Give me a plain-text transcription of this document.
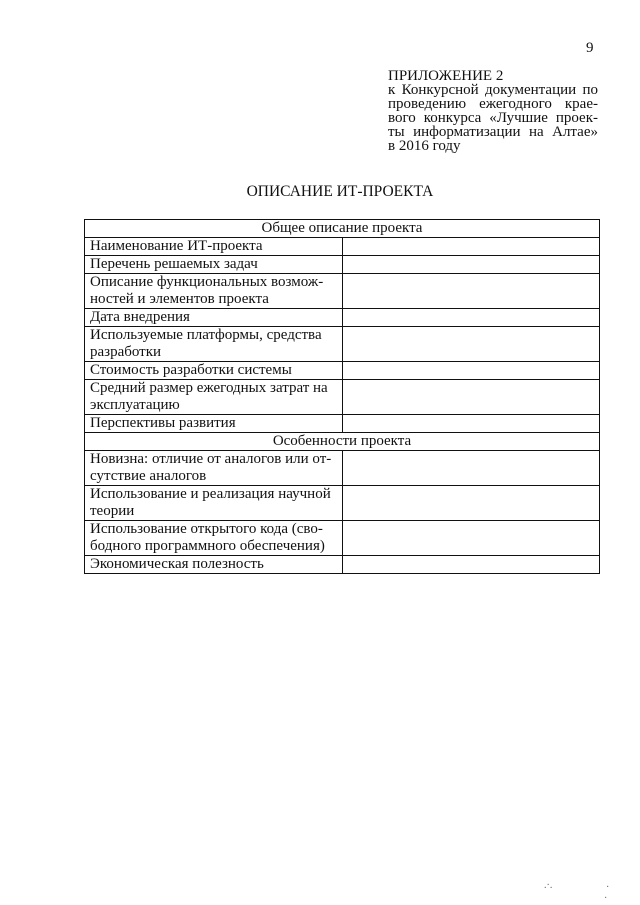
9
ПРИЛОЖЕНИЕ 2
к Конкурсной документации по
проведению ежегодного крае-
вого конкурса «Лучшие проек-
ты информатизации на Алтае»
в 2016 году
ОПИСАНИЕ ИТ-ПРОЕКТА
Общее описание проекта	
Наименование ИТ-проекта	
Перечень решаемых задач	
Описание функциональных возмож-
ностей и элементов проекта	
Дата внедрения	
Используемые платформы, средства
разработки	
Стоимость разработки системы	
Средний размер ежегодных затрат на
эксплуатацию	
Перспективы развития	
Особенности проекта	
Новизна: отличие от аналогов или от-
сутствие аналогов	
Использование и реализация научной
теории	
Использование открытого кода (сво-
бодного программного обеспечения)	
Экономическая полезность	
.·.	·
·
